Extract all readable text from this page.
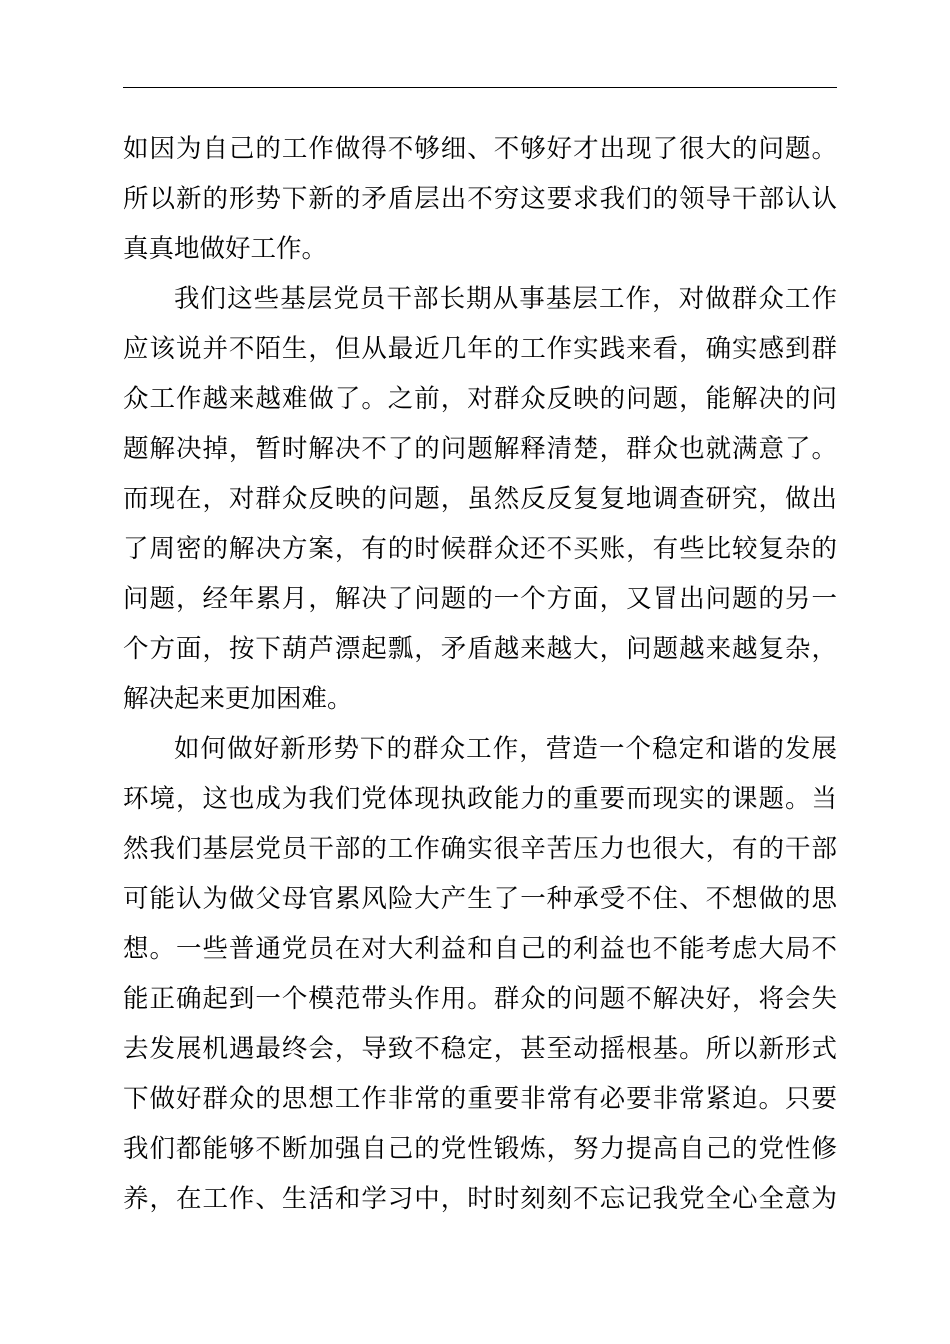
如因为自己的工作做得不够细、不够好才出现了很大的问题。
所以新的形势下新的矛盾层出不穷这要求我们的领导干部认认
真真地做好工作。
我们这些基层党员干部长期从事基层工作，对做群众工作
应该说并不陌生，但从最近几年的工作实践来看，确实感到群
众工作越来越难做了。之前，对群众反映的问题，能解决的问
题解决掉，暂时解决不了的问题解释清楚，群众也就满意了。
而现在，对群众反映的问题，虽然反反复复地调查研究，做出
了周密的解决方案，有的时候群众还不买账，有些比较复杂的
问题，经年累月，解决了问题的一个方面，又冒出问题的另一
个方面，按下葫芦漂起瓢，矛盾越来越大，问题越来越复杂，
解决起来更加困难。
如何做好新形势下的群众工作，营造一个稳定和谐的发展
环境，这也成为我们党体现执政能力的重要而现实的课题。当
然我们基层党员干部的工作确实很辛苦压力也很大，有的干部
可能认为做父母官累风险大产生了一种承受不住、不想做的思
想。一些普通党员在对大利益和自己的利益也不能考虑大局不
能正确起到一个模范带头作用。群众的问题不解决好，将会失
去发展机遇最终会，导致不稳定，甚至动摇根基。所以新形式
下做好群众的思想工作非常的重要非常有必要非常紧迫。只要
我们都能够不断加强自己的党性锻炼，努力提高自己的党性修
养，在工作、生活和学习中，时时刻刻不忘记我党全心全意为
